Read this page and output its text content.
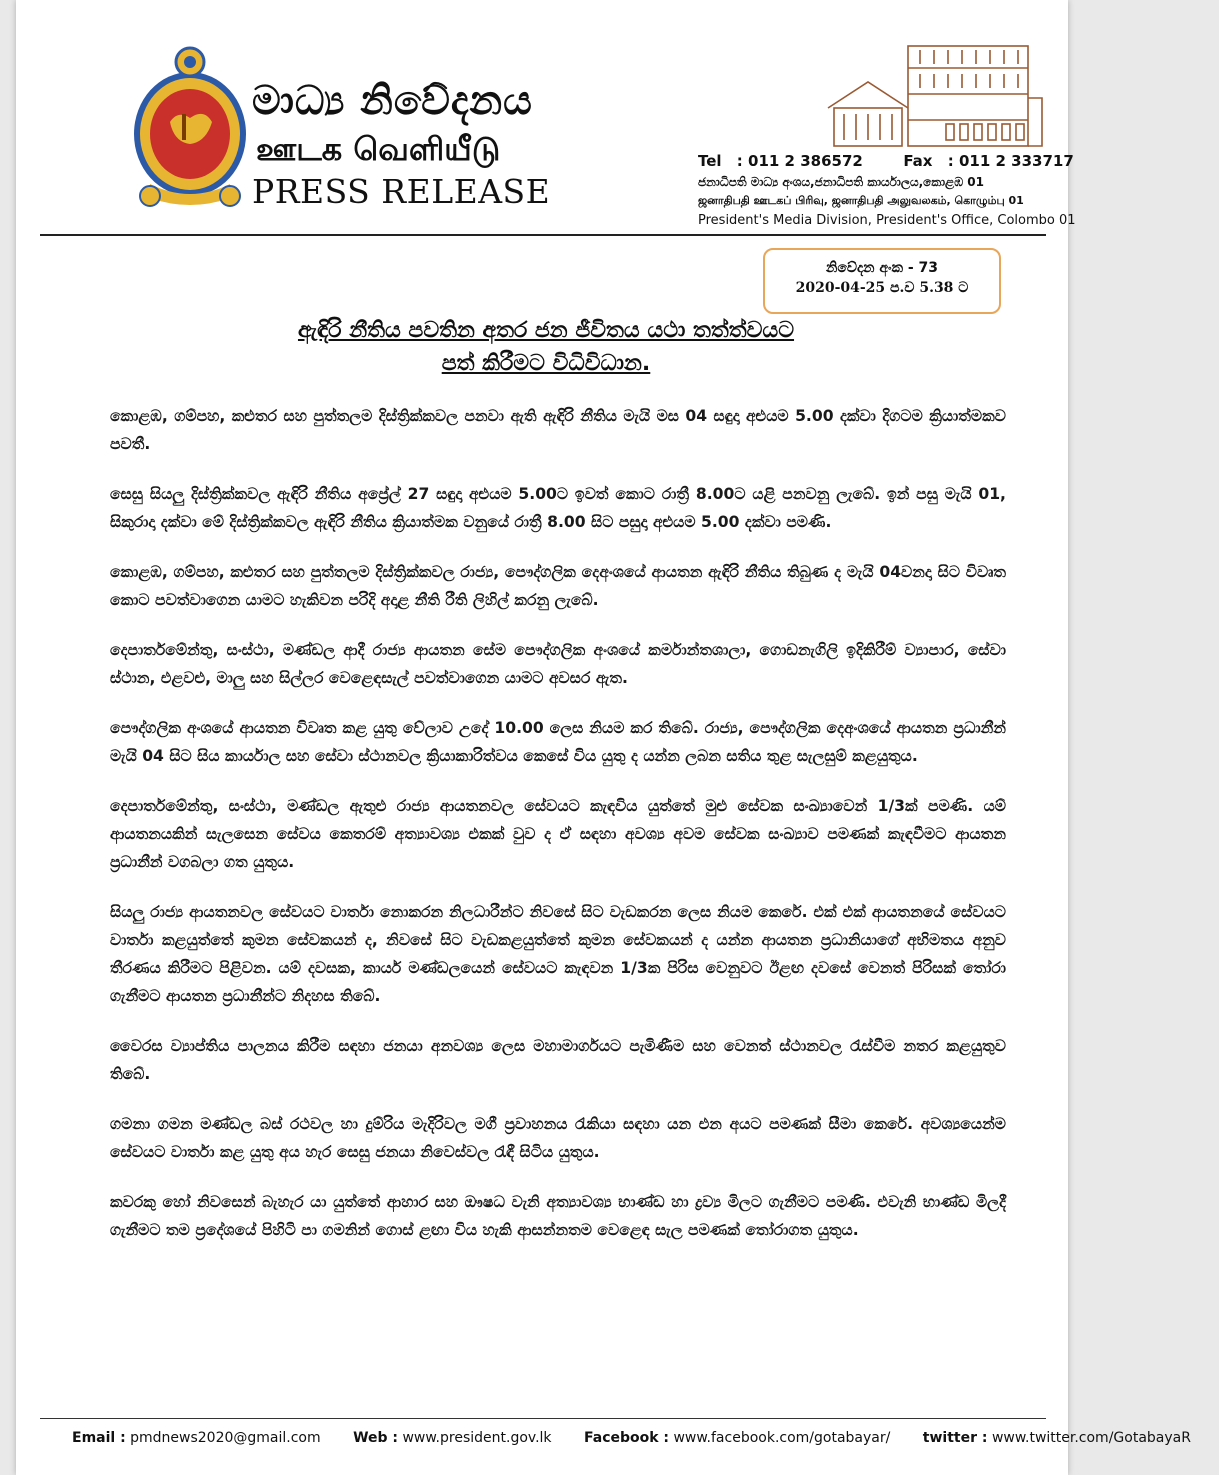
මාධ්‍ය නිවේදනය
ஊடக வெளியீடு
PRESS RELEASE
Tel : 011 2 386572	Fax : 011 2 333717
ජනාධිපති මාධ්‍ය අංශය,ජනාධිපති කාර්යාලය,කොළඹ 01
ஜனாதிபதி ஊடகப் பிரிவு, ஜனாதிபதி அலுவலகம், கொழும்பு 01
President's Media Division, President's Office, Colombo 01
නිවේදන අංක - 73
2020-04-25 ප.ව 5.38 ට
ඇඳිරි නීතිය පවතින අතර ජන ජීවිතය යථා තත්ත්වයට
පත් කිරීමට විධිවිධාන.

කොළඹ, ගම්පහ, කළුතර සහ පුත්තලම දිස්ත්‍රික්කවල පනවා ඇති ඇඳිරි නීතිය මැයි මස 04 සඳුදා අළුයම 5.00 දක්වා දිගටම ක්‍රියාත්මකව පවතී.

සෙසු සියලු දිස්ත්‍රික්කවල ඇඳිරි නීතිය අප්‍රේල් 27 සඳුදා අළුයම 5.00ට ඉවත් කොට රාත්‍රී 8.00ට යළි පනවනු ලැබේ. ඉන් පසු මැයි 01, සිකුරාදා දක්වා මේ දිස්ත්‍රික්කවල ඇඳිරි නීතිය ක්‍රියාත්මක වනුයේ රාත්‍රී 8.00 සිට පසුදා අළුයම 5.00 දක්වා පමණි.

කොළඹ, ගම්පහ, කළුතර සහ පුත්තලම දිස්ත්‍රික්කවල රාජ්‍ය, පෞද්ගලික දෙඅංශයේ ආයතන ඇඳිරි නීතිය තිබුණ ද මැයි 04වනදා සිට විවෘත කොට පවත්වාගෙන යාමට හැකිවන පරිදි අදාළ නීති රීති ලිහිල් කරනු ලැබේ.

දෙපාර්තමේන්තු, සංස්ථා, මණ්ඩල ආදී රාජ්‍ය ආයතන සේම පෞද්ගලික අංශයේ කර්මාන්තශාලා, ගොඩනැගිලි ඉදිකිරීම් ව්‍යාපාර, සේවා ස්ථාන, එළවළු, මාලු සහ සිල්ලර වෙළෙඳසැල් පවත්වාගෙන යාමට අවසර ඇත.

පෞද්ගලික අංශයේ ආයතන විවෘත කළ යුතු වේලාව උදේ 10.00 ලෙස නියම කර තිබේ. රාජ්‍ය, පෞද්ගලික දෙඅංශයේ ආයතන ප්‍රධානීන් මැයි 04 සිට සිය කාර්යාල සහ සේවා ස්ථානවල ක්‍රියාකාරිත්වය කෙසේ විය යුතු ද යන්න ලබන සතිය තුළ සැලසුම් කළයුතුය.

දෙපාර්තමේන්තු, සංස්ථා, මණ්ඩල ඇතුළු රාජ්‍ය ආයතනවල සේවයට කැඳවිය යුත්තේ මුළු සේවක සංඛ්‍යාවෙන් 1/3ක් පමණි. යම් ආයතනයකින් සැලසෙන සේවය කෙතරම් අත්‍යාවශ්‍ය එකක් වුව ද ඒ සඳහා අවශ්‍ය අවම සේවක සංඛ්‍යාව පමණක් කැඳවීමට ආයතන ප්‍රධානීන් වගබලා ගත යුතුය.

සියලු රාජ්‍ය ආයතනවල සේවයට වාර්තා නොකරන නිලධාරීන්ට නිවසේ සිට වැඩකරන ලෙස නියම කෙරේ. එක් එක් ආයතනයේ සේවයට වාර්තා කළයුත්තේ කුමන සේවකයන් ද, නිවසේ සිට වැඩකළයුත්තේ කුමන සේවකයන් ද යන්න ආයතන ප්‍රධානියාගේ අභිමතය අනුව තීරණය කිරීමට පිළිවන. යම් දවසක, කාර්ය මණ්ඩලයෙන් සේවයට කැඳවන 1/3ක පිරිස වෙනුවට ඊළඟ දවසේ වෙනත් පිරිසක් තෝරා ගැනීමට ආයතන ප්‍රධානීන්ට නිදහස තිබේ.

වෛරස ව්‍යාප්තිය පාලනය කිරීම සඳහා ජනයා අනවශ්‍ය ලෙස මහාමාර්ගයට පැමිණීම සහ වෙනත් ස්ථානවල රැස්වීම නතර කළයුතුව තිබේ.

ගමනා ගමන මණ්ඩල බස් රථවල හා දුම්රිය මැදිරිවල මගී ප්‍රවාහනය රැකියා සඳහා යන එන අයට පමණක් සීමා කෙරේ. අවශ්‍යයෙන්ම සේවයට වාර්තා කළ යුතු අය හැර සෙසු ජනයා නිවෙස්වල රැඳී සිටිය යුතුය.

කවරකු හෝ නිවසෙන් බැහැර යා යුත්තේ ආහාර සහ ඖෂධ වැනි අත්‍යාවශ්‍ය භාණ්ඩ හා ද්‍රව්‍ය මිලට ගැනීමට පමණි. එවැනි භාණ්ඩ මිලදී ගැනීමට තම ප්‍රදේශයේ පිහිටි පා ගමනින් ගොස් ළඟා විය හැකි ආසන්නතම වෙළෙඳ සැල පමණක් තෝරාගත යුතුය.

Email : pmdnews2020@gmail.com Web : www.president.gov.lk Facebook : www.facebook.com/gotabayar/ twitter : www.twitter.com/GotabayaR
